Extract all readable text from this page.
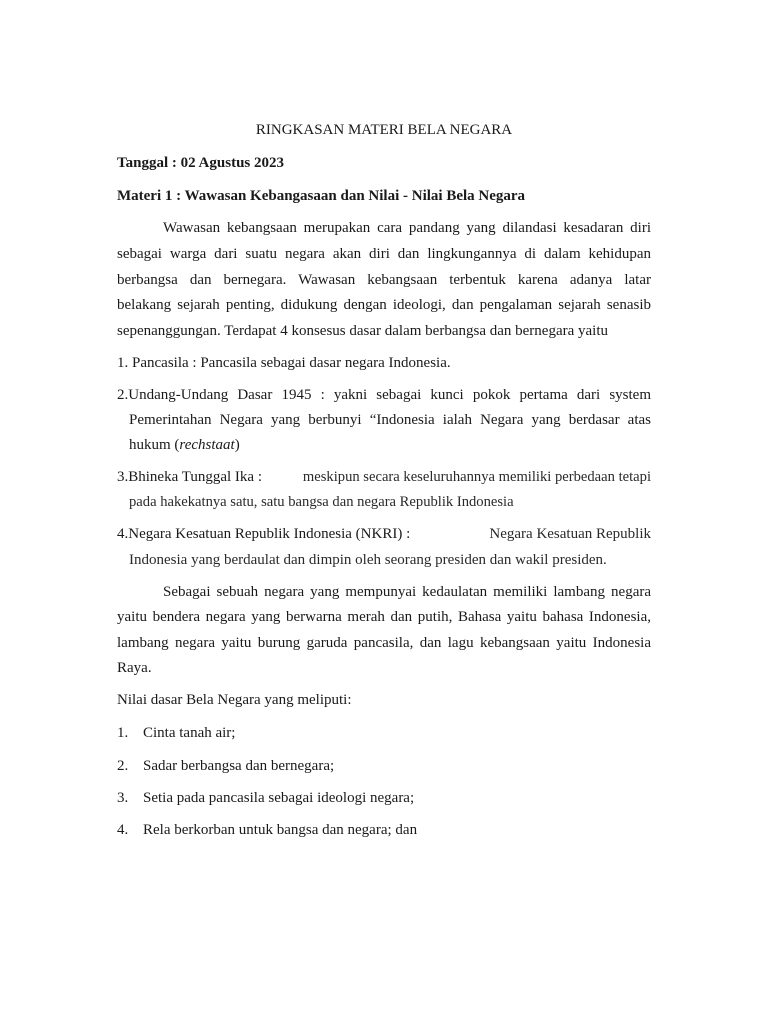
RINGKASAN MATERI BELA NEGARA
Tanggal : 02 Agustus 2023
Materi 1 : Wawasan Kebangasaan dan Nilai - Nilai Bela Negara
Wawasan kebangsaan merupakan cara pandang yang dilandasi kesadaran diri
sebagai warga dari suatu negara akan diri dan lingkungannya di dalam kehidupan
berbangsa dan bernegara. Wawasan kebangsaan terbentuk karena adanya latar
belakang sejarah penting, didukung dengan ideologi, dan pengalaman sejarah senasib
sepenanggungan. Terdapat 4 konsesus dasar dalam berbangsa dan bernegara yaitu
1. Pancasila : Pancasila sebagai dasar negara Indonesia.
2.Undang-Undang Dasar 1945 : yakni sebagai kunci pokok pertama dari system
Pemerintahan Negara yang berbunyi “Indonesia ialah Negara yang berdasar atas
hukum (rechstaat)
3.Bhineka Tunggal Ika :	meskipun secara keseluruhannya memiliki perbedaan tetapi
pada hakekatnya satu, satu bangsa dan negara Republik Indonesia
4.Negara Kesatuan Republik Indonesia (NKRI) :	Negara Kesatuan Republik
Indonesia yang berdaulat dan dimpin oleh seorang presiden dan wakil presiden.
Sebagai sebuah negara yang mempunyai kedaulatan memiliki lambang negara
yaitu bendera negara yang berwarna merah dan putih, Bahasa yaitu bahasa Indonesia,
lambang negara yaitu burung garuda pancasila, dan lagu kebangsaan yaitu Indonesia
Raya.
Nilai dasar Bela Negara yang meliputi:
1. Cinta tanah air;
2. Sadar berbangsa dan bernegara;
3. Setia pada pancasila sebagai ideologi negara;
4. Rela berkorban untuk bangsa dan negara; dan
